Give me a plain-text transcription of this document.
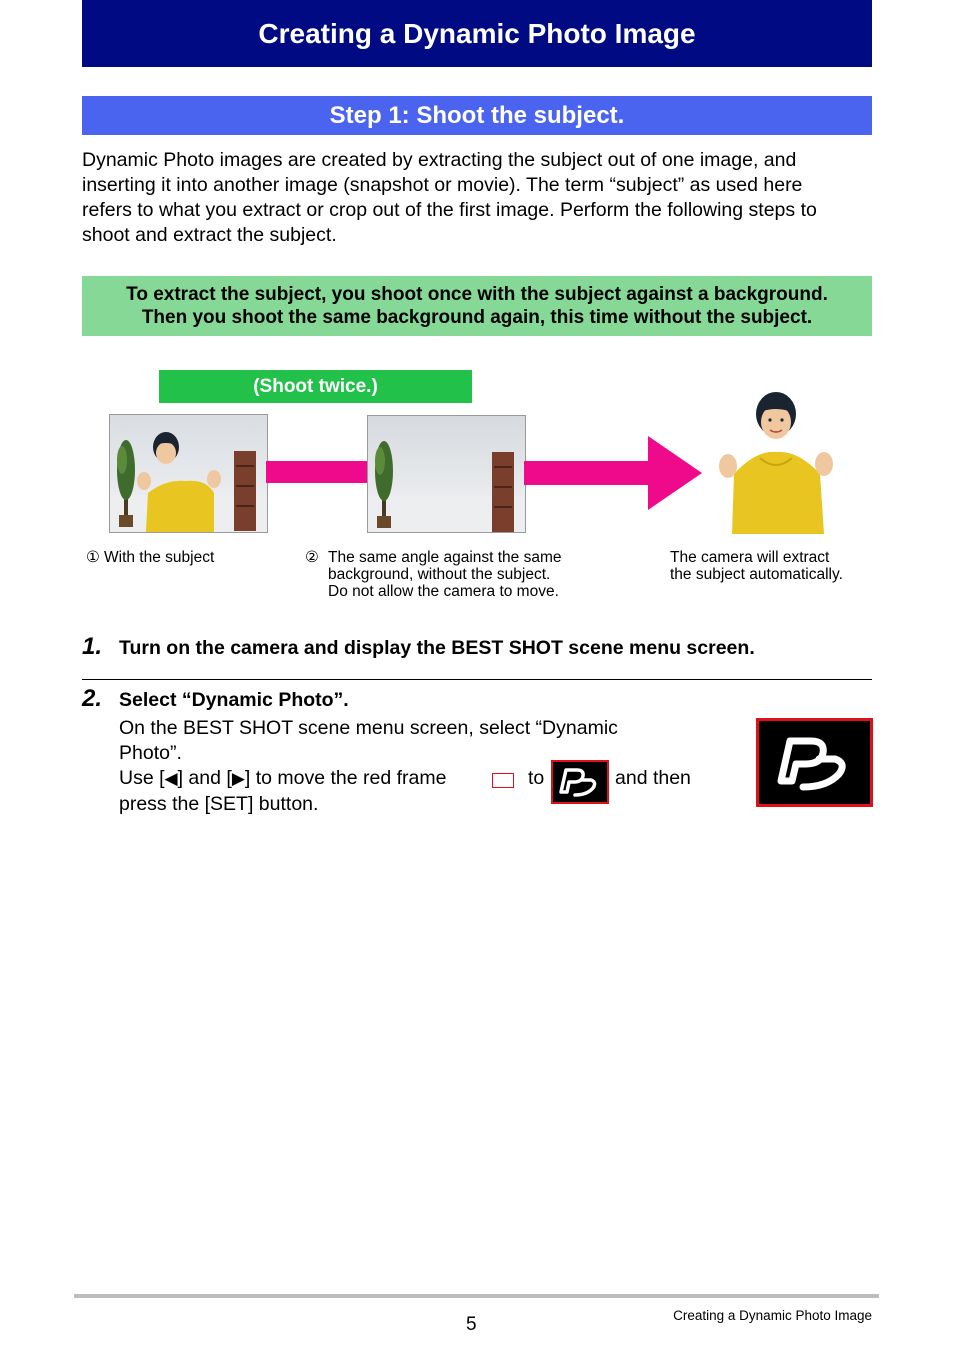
Creating a Dynamic Photo Image
Step 1: Shoot the subject.
Dynamic Photo images are created by extracting the subject out of one image, and
inserting it into another image (snapshot or movie). The term “subject” as used here
refers to what you extract or crop out of the first image. Perform the following steps to
shoot and extract the subject.
To extract the subject, you shoot once with the subject against a background.
Then you shoot the same background again, this time without the subject.
(Shoot twice.)
① With the subject	② The same angle against the same
background, without the subject.
Do not allow the camera to move.
The camera will extract
the subject automatically.
1. Turn on the camera and display the BEST SHOT scene menu screen.
2. Select “Dynamic Photo”.
On the BEST SHOT scene menu screen, select “Dynamic
Photo”.
Use [◀] and [▶] to move the red frame	to	and then
press the [SET] button.
5	Creating a Dynamic Photo Image
